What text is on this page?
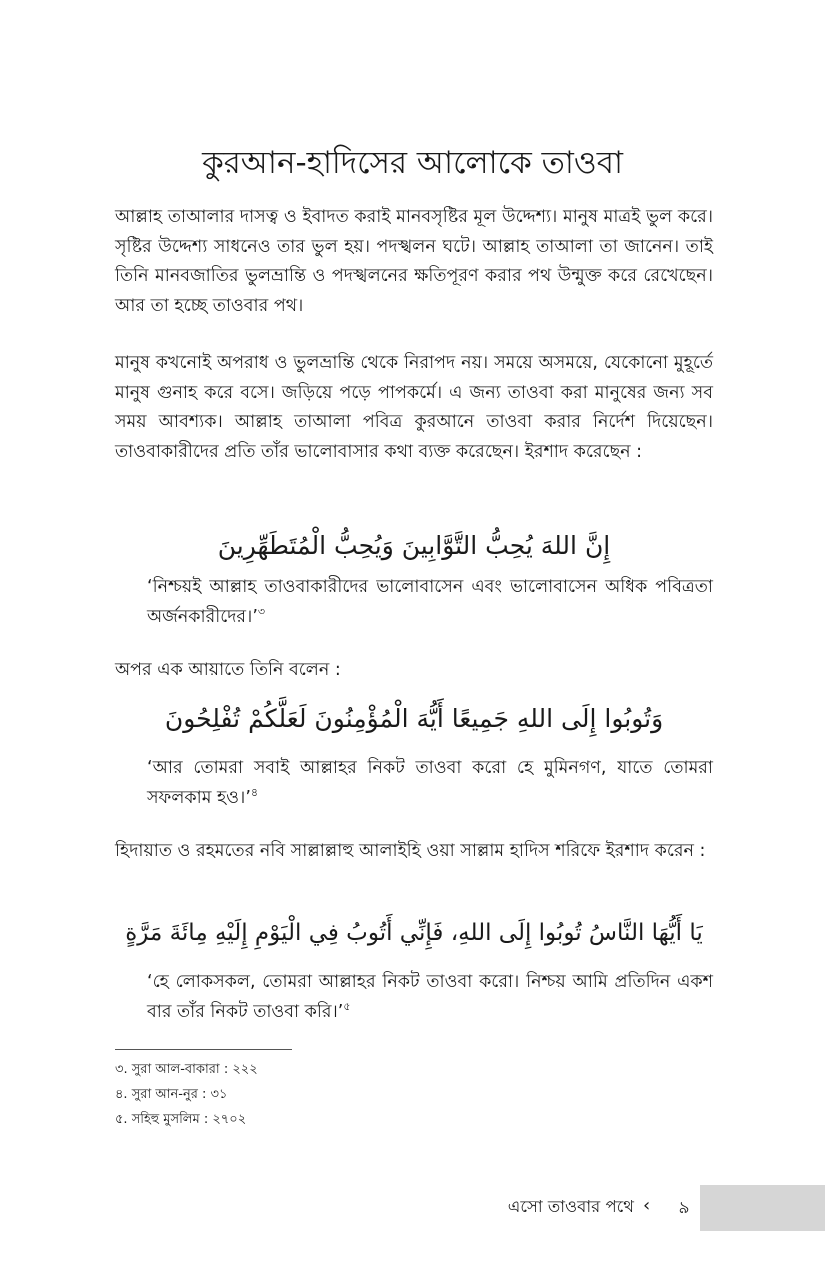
কুরআন-হাদিসের আলোকে তাওবা

আল্লাহ তাআলার দাসত্ব ও ইবাদত করাই মানবসৃষ্টির মূল উদ্দেশ্য। মানুষ মাত্রই ভুল করে। সৃষ্টির উদ্দেশ্য সাধনেও তার ভুল হয়। পদস্খলন ঘটে। আল্লাহ তাআলা তা জানেন। তাই তিনি মানবজাতির ভুলভ্রান্তি ও পদস্খলনের ক্ষতিপূরণ করার পথ উন্মুক্ত করে রেখেছেন। আর তা হচ্ছে তাওবার পথ।

মানুষ কখনোই অপরাধ ও ভুলভ্রান্তি থেকে নিরাপদ নয়। সময়ে অসময়ে, যেকোনো মুহূর্তে মানুষ গুনাহ করে বসে। জড়িয়ে পড়ে পাপকর্মে। এ জন্য তাওবা করা মানুষের জন্য সব সময় আবশ্যক। আল্লাহ তাআলা পবিত্র কুরআনে তাওবা করার নির্দেশ দিয়েছেন। তাওবাকারীদের প্রতি তাঁর ভালোবাসার কথা ব্যক্ত করেছেন। ইরশাদ করেছেন :

إِنَّ اللهَ يُحِبُّ التَّوَّابِينَ وَيُحِبُّ الْمُتَطَهِّرِينَ

‘নিশ্চয়ই আল্লাহ তাওবাকারীদের ভালোবাসেন এবং ভালোবাসেন অধিক পবিত্রতা অর্জনকারীদের।’$^৩$

অপর এক আয়াতে তিনি বলেন :

وَتُوبُوا إِلَى اللهِ جَمِيعًا أَيُّهَ الْمُؤْمِنُونَ لَعَلَّكُمْ تُفْلِحُونَ

‘আর তোমরা সবাই আল্লাহর নিকট তাওবা করো হে মুমিনগণ, যাতে তোমরা সফলকাম হও।’$^৪$

হিদায়াত ও রহমতের নবি সাল্লাল্লাহু আলাইহি ওয়া সাল্লাম হাদিস শরিফে ইরশাদ করেন :

يَا أَيُّهَا النَّاسُ تُوبُوا إِلَى اللهِ، فَإِنِّي أَتُوبُ فِي الْيَوْمِ إِلَيْهِ مِائَةَ مَرَّةٍ

‘হে লোকসকল, তোমরা আল্লাহর নিকট তাওবা করো। নিশ্চয় আমি প্রতিদিন একশ বার তাঁর নিকট তাওবা করি।’$^৫$

৩. সুরা আল-বাকারা : ২২২
৪. সুরা আন-নুর : ৩১
৫. সহিহু মুসলিম : ২৭০২
এসো তাওবার পথে ‹	৯
